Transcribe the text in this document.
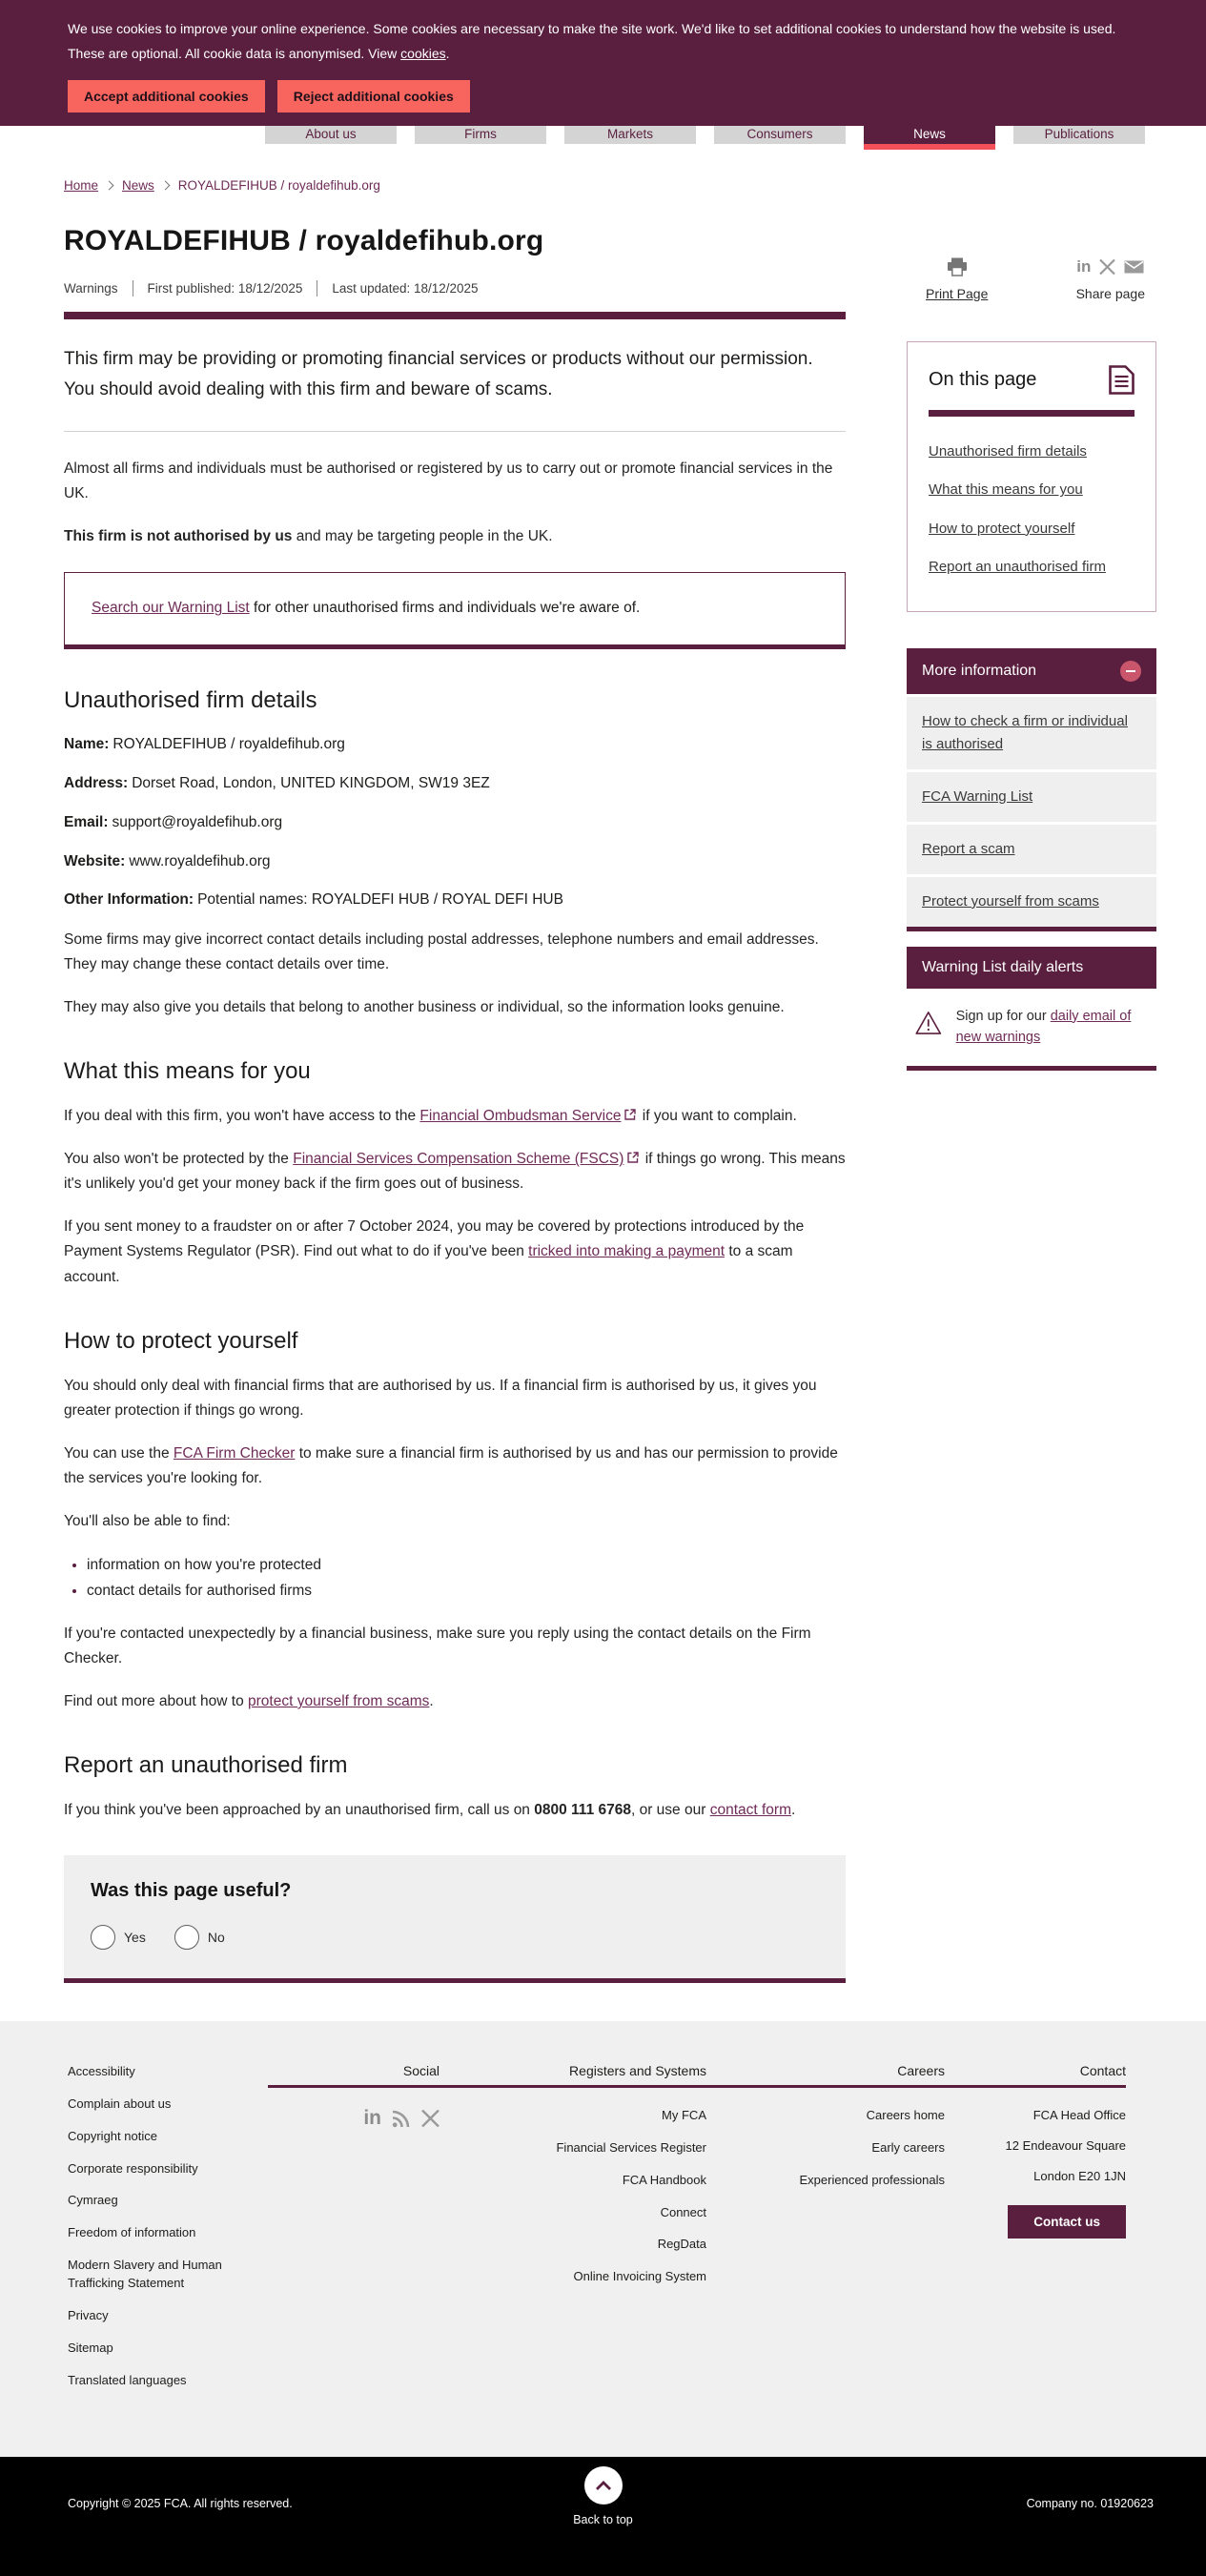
We use cookies to improve your online experience. Some cookies are necessary to make the site work. We'd like to set additional cookies to understand how the website is used. These are optional. All cookie data is anonymised. View cookies.

Accept additional cookies	Reject additional cookies
About us	Firms	Markets	Consumers	News	Publications
Home News ROYALDEFIHUB / royaldefihub.org
ROYALDEFIHUB / royaldefihub.org
Warnings First published: 18/12/2025 Last updated: 18/12/2025

This firm may be providing or promoting financial services or products without our permission. You should avoid dealing with this firm and beware of scams.

Almost all firms and individuals must be authorised or registered by us to carry out or promote financial services in the UK.

This firm is not authorised by us and may be targeting people in the UK.

Search our Warning List for other unauthorised firms and individuals we're aware of.
Unauthorised firm details

Name: ROYALDEFIHUB / royaldefihub.org

Address: Dorset Road, London, UNITED KINGDOM, SW19 3EZ

Email: support@royaldefihub.org

Website: www.royaldefihub.org

Other Information: Potential names: ROYALDEFI HUB / ROYAL DEFI HUB

Some firms may give incorrect contact details including postal addresses, telephone numbers and email addresses. They may change these contact details over time.

They may also give you details that belong to another business or individual, so the information looks genuine.

What this means for you

If you deal with this firm, you won't have access to the Financial Ombudsman Service if you want to complain.

You also won't be protected by the Financial Services Compensation Scheme (FSCS) if things go wrong. This means it's unlikely you'd get your money back if the firm goes out of business.

If you sent money to a fraudster on or after 7 October 2024, you may be covered by protections introduced by the Payment Systems Regulator (PSR). Find out what to do if you've been tricked into making a payment to a scam account.

How to protect yourself

You should only deal with financial firms that are authorised by us. If a financial firm is authorised by us, it gives you greater protection if things go wrong.

You can use the FCA Firm Checker to make sure a financial firm is authorised by us and has our permission to provide the services you're looking for.

You'll also be able to find:

• information on how you're protected
• contact details for authorised firms

If you're contacted unexpectedly by a financial business, make sure you reply using the contact details on the Firm Checker.

Find out more about how to protect yourself from scams.

Report an unauthorised firm

If you think you've been approached by an unauthorised firm, call us on 0800 111 6768, or use our contact form.

Was this page useful?
Yes	No
Print Page
in
Share page
On this page
Unauthorised firm details
What this means for you
How to protect yourself
Report an unauthorised firm
More information
How to check a firm or individual is authorised
FCA Warning List
Report a scam
Protect yourself from scams
Warning List daily alerts
Sign up for our daily email of new warnings
Accessibility
Complain about us
Copyright notice
Corporate responsibility
Cymraeg
Freedom of information
Modern Slavery and Human Trafficking Statement
Privacy
Sitemap
Translated languages
Social
in
Registers and Systems
My FCA
Financial Services Register
FCA Handbook
Connect
RegData
Online Invoicing System
Careers
Careers home
Early careers
Experienced professionals
Contact
FCA Head Office
12 Endeavour Square
London E20 1JN
Contact us
Copyright © 2025 FCA. All rights reserved.
Back to top
Company no. 01920623
